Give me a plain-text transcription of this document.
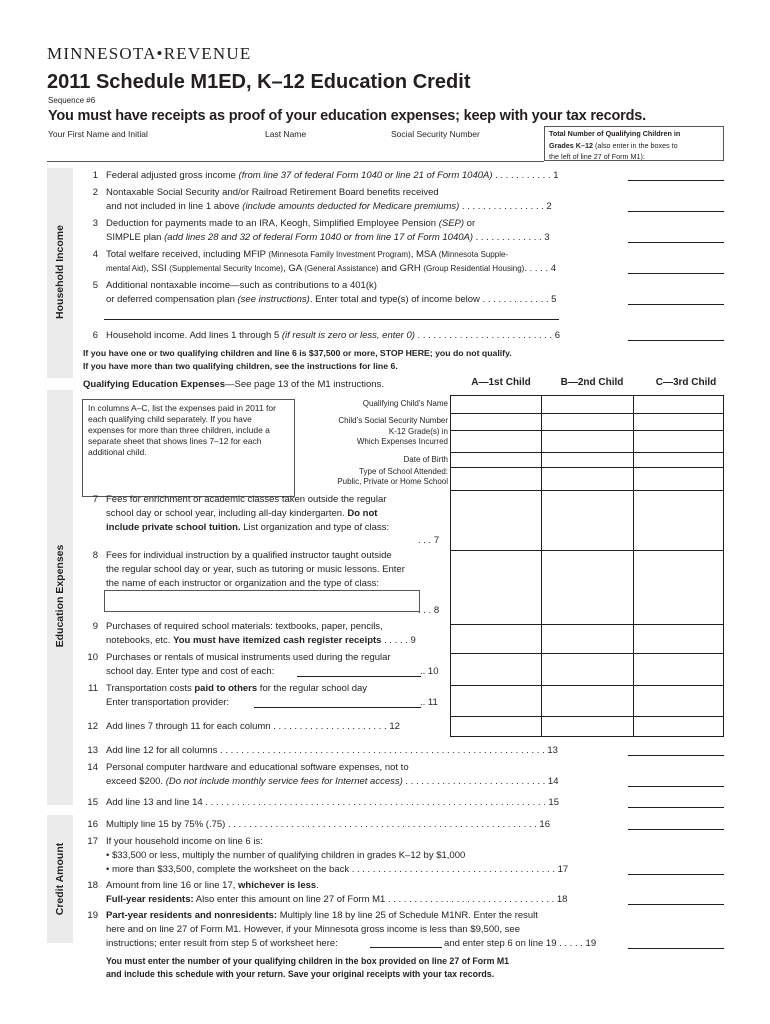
MINNESOTA•REVENUE
2011 Schedule M1ED, K–12 Education Credit
Sequence #6
You must have receipts as proof of your education expenses; keep with your tax records.
Your First Name and Initial	Last Name	Social Security Number	Total Number of Qualifying Children in
Grades K–12 (also enter in the boxes to
the left of line 27 of Form M1):
Household Income
Education Expenses
Credit Amount
1 Federal adjusted gross income (from line 37 of federal Form 1040 or line 21 of Form 1040A) . . . . . . . . . . . 1
2 Nontaxable Social Security and/or Railroad Retirement Board benefits received
and not included in line 1 above (include amounts deducted for Medicare premiums) . . . . . . . . . . . . . . . . 2
3 Deduction for payments made to an IRA, Keogh, Simplified Employee Pension (SEP) or
SIMPLE plan (add lines 28 and 32 of federal Form 1040 or from line 17 of Form 1040A) . . . . . . . . . . . . . 3
4 Total welfare received, including MFIP (Minnesota Family Investment Program), MSA (Minnesota Supple-
mental Aid), SSI (Supplemental Security Income), GA (General Assistance) and GRH (Group Residential Housing). . . . . 4
5 Additional nontaxable income—such as contributions to a 401(k)
or deferred compensation plan (see instructions). Enter total and type(s) of income below . . . . . . . . . . . . . 5
6 Household income. Add lines 1 through 5 (if result is zero or less, enter 0) . . . . . . . . . . . . . . . . . . . . . . . . . . 6
If you have one or two qualifying children and line 6 is $37,500 or more, STOP HERE; you do not qualify.
If you have more than two qualifying children, see the instructions for line 6.
Qualifying Education Expenses—See page 13 of the M1 instructions.	A—1st Child	B—2nd Child	C—3rd Child
In columns A–C, list the expenses paid in 2011 for each qualifying child separately. If you have expenses for more than three children, include a separate sheet that shows lines 7–12 for each additional child.
Qualifying Child’s Name
Child’s Social Security Number
K-12 Grade(s) in
Which Expenses Incurred
Date of Birth
Type of School Attended:
Public, Private or Home School
7 Fees for enrichment or academic classes taken outside the regular
school day or school year, including all-day kindergarten. Do not
include private school tuition. List organization and type of class:
. . . 7
8 Fees for individual instruction by a qualified instructor taught outside
the regular school day or year, such as tutoring or music lessons. Enter
the name of each instructor or organization and the type of class:
. . . 8
9 Purchases of required school materials: textbooks, paper, pencils,
notebooks, etc. You must have itemized cash register receipts . . . . . 9
10 Purchases or rentals of musical instruments used during the regular
school day. Enter type and cost of each:	.. 10
11 Transportation costs paid to others for the regular school day
Enter transportation provider:	.. 11
12 Add lines 7 through 11 for each column . . . . . . . . . . . . . . . . . . . . . . 12
13 Add line 12 for all columns . . . . . . . . . . . . . . . . . . . . . . . . . . . . . . . . . . . . . . . . . . . . . . . . . . . . . . . . . . . . . . 13
14 Personal computer hardware and educational software expenses, not to
exceed $200. (Do not include monthly service fees for Internet access) . . . . . . . . . . . . . . . . . . . . . . . . . . . 14
15 Add line 13 and line 14 . . . . . . . . . . . . . . . . . . . . . . . . . . . . . . . . . . . . . . . . . . . . . . . . . . . . . . . . . . . . . . . . . 15
16 Multiply line 15 by 75% (.75) . . . . . . . . . . . . . . . . . . . . . . . . . . . . . . . . . . . . . . . . . . . . . . . . . . . . . . . . . . . 16
17 If your household income on line 6 is:
• $33,500 or less, multiply the number of qualifying children in grades K–12 by $1,000
• more than $33,500, complete the worksheet on the back . . . . . . . . . . . . . . . . . . . . . . . . . . . . . . . . . . . . . . . 17
18 Amount from line 16 or line 17, whichever is less.
Full-year residents: Also enter this amount on line 27 of Form M1 . . . . . . . . . . . . . . . . . . . . . . . . . . . . . . . . 18
19 Part-year residents and nonresidents: Multiply line 18 by line 25 of Schedule M1NR. Enter the result
here and on line 27 of Form M1. However, if your Minnesota gross income is less than $9,500, see
instructions; enter result from step 5 of worksheet here:	and enter step 6 on line 19 . . . . . 19
You must enter the number of your qualifying children in the box provided on line 27 of Form M1
and include this schedule with your return. Save your original receipts with your tax records.
